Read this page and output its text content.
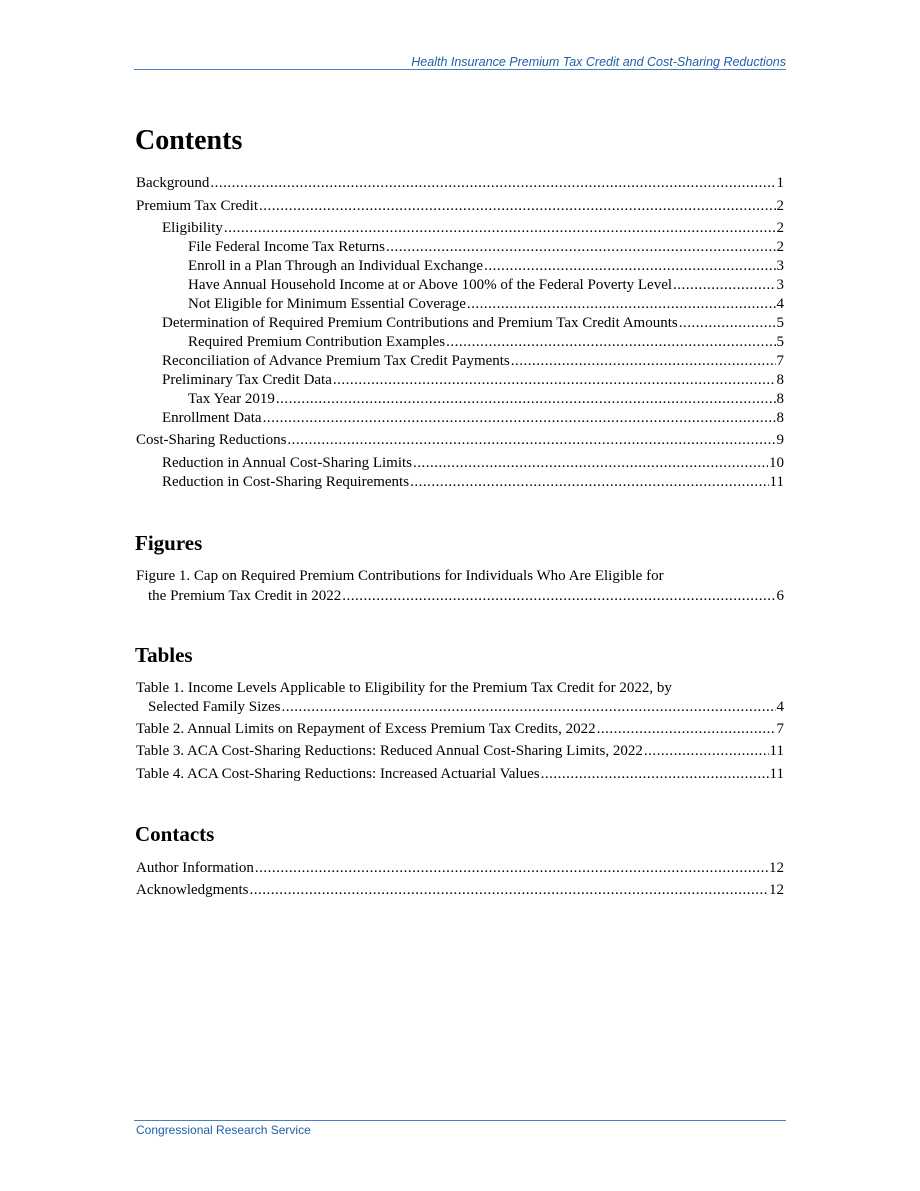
Health Insurance Premium Tax Credit and Cost-Sharing Reductions
Contents
Background .....	1
Premium Tax Credit .....	2
Eligibility .....	2
File Federal Income Tax Returns .....	2
Enroll in a Plan Through an Individual Exchange .....	3
Have Annual Household Income at or Above 100% of the Federal Poverty Level .....	3
Not Eligible for Minimum Essential Coverage .....	4
Determination of Required Premium Contributions and Premium Tax Credit Amounts .....	5
Required Premium Contribution Examples .....	5
Reconciliation of Advance Premium Tax Credit Payments .....	7
Preliminary Tax Credit Data .....	8
Tax Year 2019 .....	8
Enrollment Data .....	8
Cost-Sharing Reductions .....	9
Reduction in Annual Cost-Sharing Limits .....	10
Reduction in Cost-Sharing Requirements .....	11
Figures
Figure 1. Cap on Required Premium Contributions for Individuals Who Are Eligible for
the Premium Tax Credit in 2022 .....	6
Tables
Table 1. Income Levels Applicable to Eligibility for the Premium Tax Credit for 2022, by
Selected Family Sizes .....	4
Table 2. Annual Limits on Repayment of Excess Premium Tax Credits, 2022 .....	7
Table 3. ACA Cost-Sharing Reductions: Reduced Annual Cost-Sharing Limits, 2022 .....	11
Table 4. ACA Cost-Sharing Reductions: Increased Actuarial Values .....	11
Contacts
Author Information .....	12
Acknowledgments .....	12
Congressional Research Service
